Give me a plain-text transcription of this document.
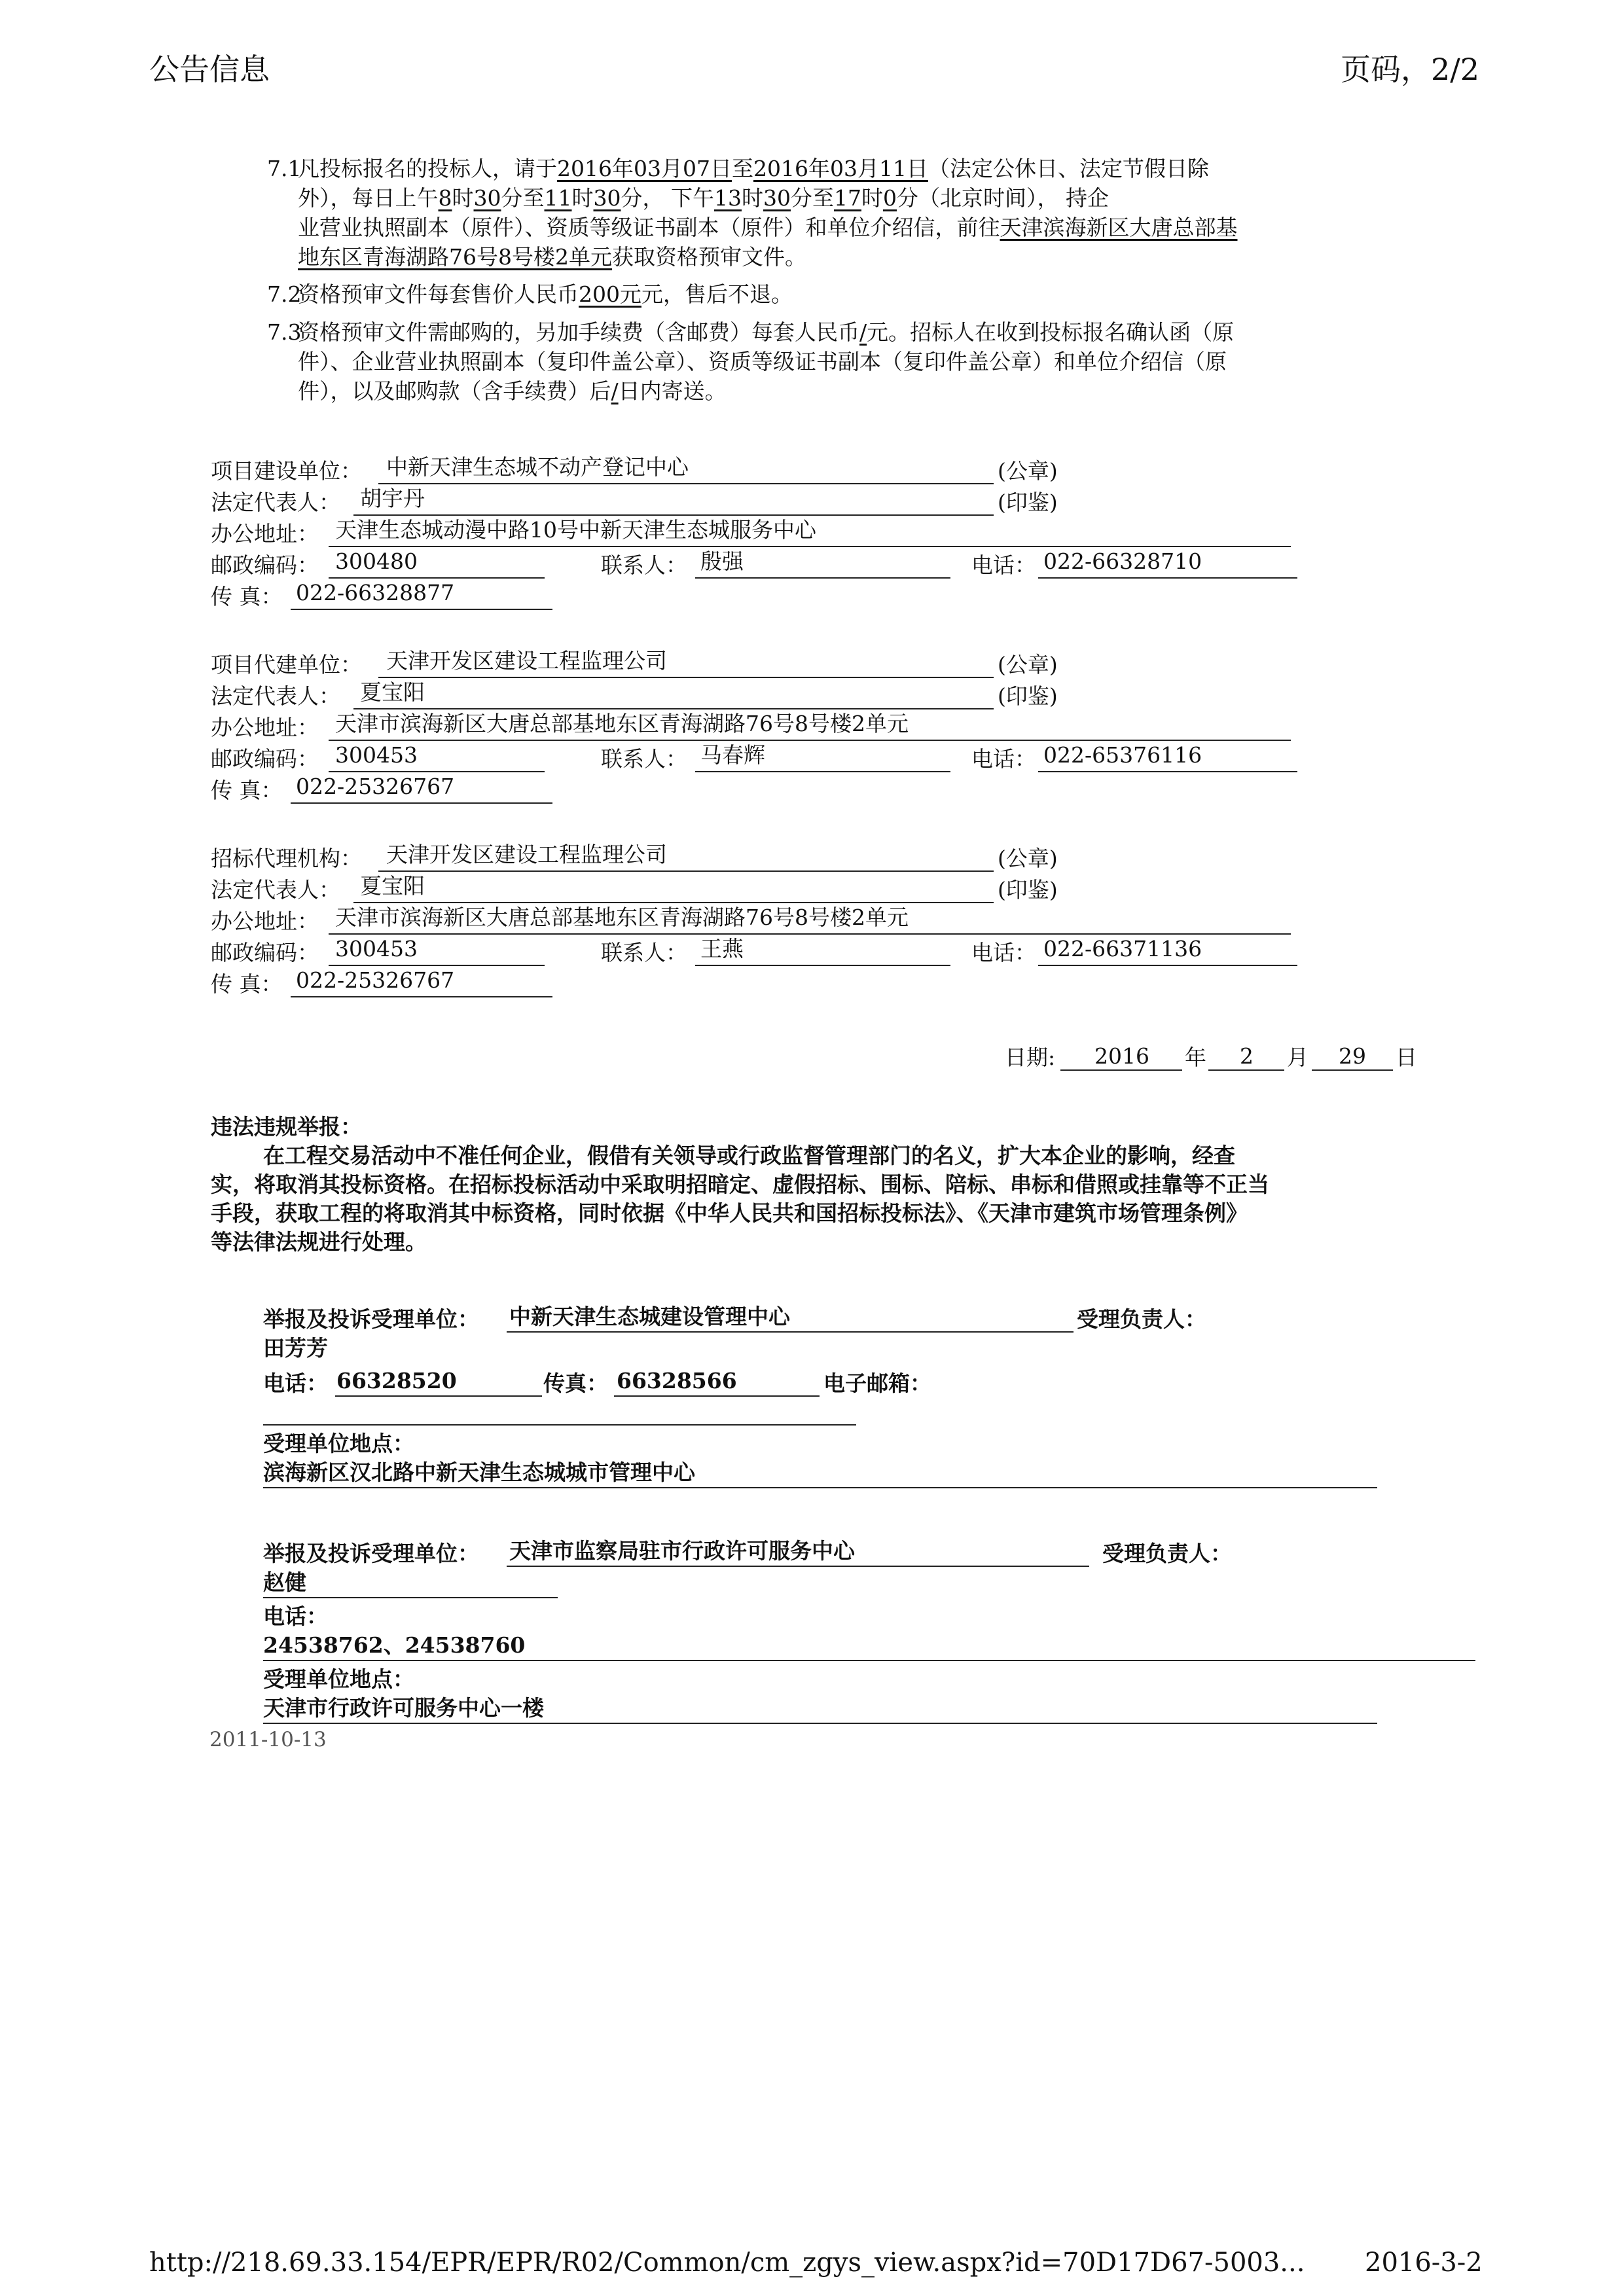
公告信息	页码，2/2
7.1
凡投标报名的投标人，请于2016年03月07日至2016年03月11日（法定公休日、法定节假日除
外），每日上午8时30分至11时30分， 下午13时30分至17时0分（北京时间）， 持企
业营业执照副本（原件）、资质等级证书副本（原件）和单位介绍信，前往天津滨海新区大唐总部基
地东区青海湖路76号8号楼2单元获取资格预审文件。
7.2
资格预审文件每套售价人民币200元元，售后不退。
7.3
资格预审文件需邮购的，另加手续费（含邮费）每套人民币/元。招标人在收到投标报名确认函（原
件）、企业营业执照副本（复印件盖公章）、资质等级证书副本（复印件盖公章）和单位介绍信（原
件），以及邮购款（含手续费）后/日内寄送。
项目建设单位： 中新天津生态城不动产登记中心	(公章)
法定代表人： 胡宇丹	(印鉴)
办公地址： 天津生态城动漫中路10号中新天津生态城服务中心
邮政编码： 300480	联系人： 殷强	电话： 022-66328710
传 真： 022-66328877
项目代建单位： 天津开发区建设工程监理公司	(公章)
法定代表人： 夏宝阳	(印鉴)
办公地址： 天津市滨海新区大唐总部基地东区青海湖路76号8号楼2单元
邮政编码： 300453	联系人： 马春辉	电话： 022-65376116
传 真： 022-25326767
招标代理机构： 天津开发区建设工程监理公司	(公章)
法定代表人： 夏宝阳	(印鉴)
办公地址： 天津市滨海新区大唐总部基地东区青海湖路76号8号楼2单元
邮政编码： 300453	联系人： 王燕	电话： 022-66371136
传 真： 022-25326767
日期: 2016 年 2 月 29 日
违法违规举报：
在工程交易活动中不准任何企业，假借有关领导或行政监督管理部门的名义，扩大本企业的影响，经查
实，将取消其投标资格。在招标投标活动中采取明招暗定、虚假招标、围标、陪标、串标和借照或挂靠等不正当
手段，获取工程的将取消其中标资格，同时依据《中华人民共和国招标投标法》、《天津市建筑市场管理条例》
等法律法规进行处理。
举报及投诉受理单位： 中新天津生态城建设管理中心	受理负责人：
田芳芳
电话： 66328520	传真： 66328566	电子邮箱：
受理单位地点：
滨海新区汉北路中新天津生态城城市管理中心
举报及投诉受理单位： 天津市监察局驻市行政许可服务中心	受理负责人：
赵健
电话：
24538762、24538760
受理单位地点：
天津市行政许可服务中心一楼
2011-10-13
http://218.69.33.154/EPR/EPR/R02/Common/cm_zgys_view.aspx?id=70D17D67-5003... 2016-3-2
